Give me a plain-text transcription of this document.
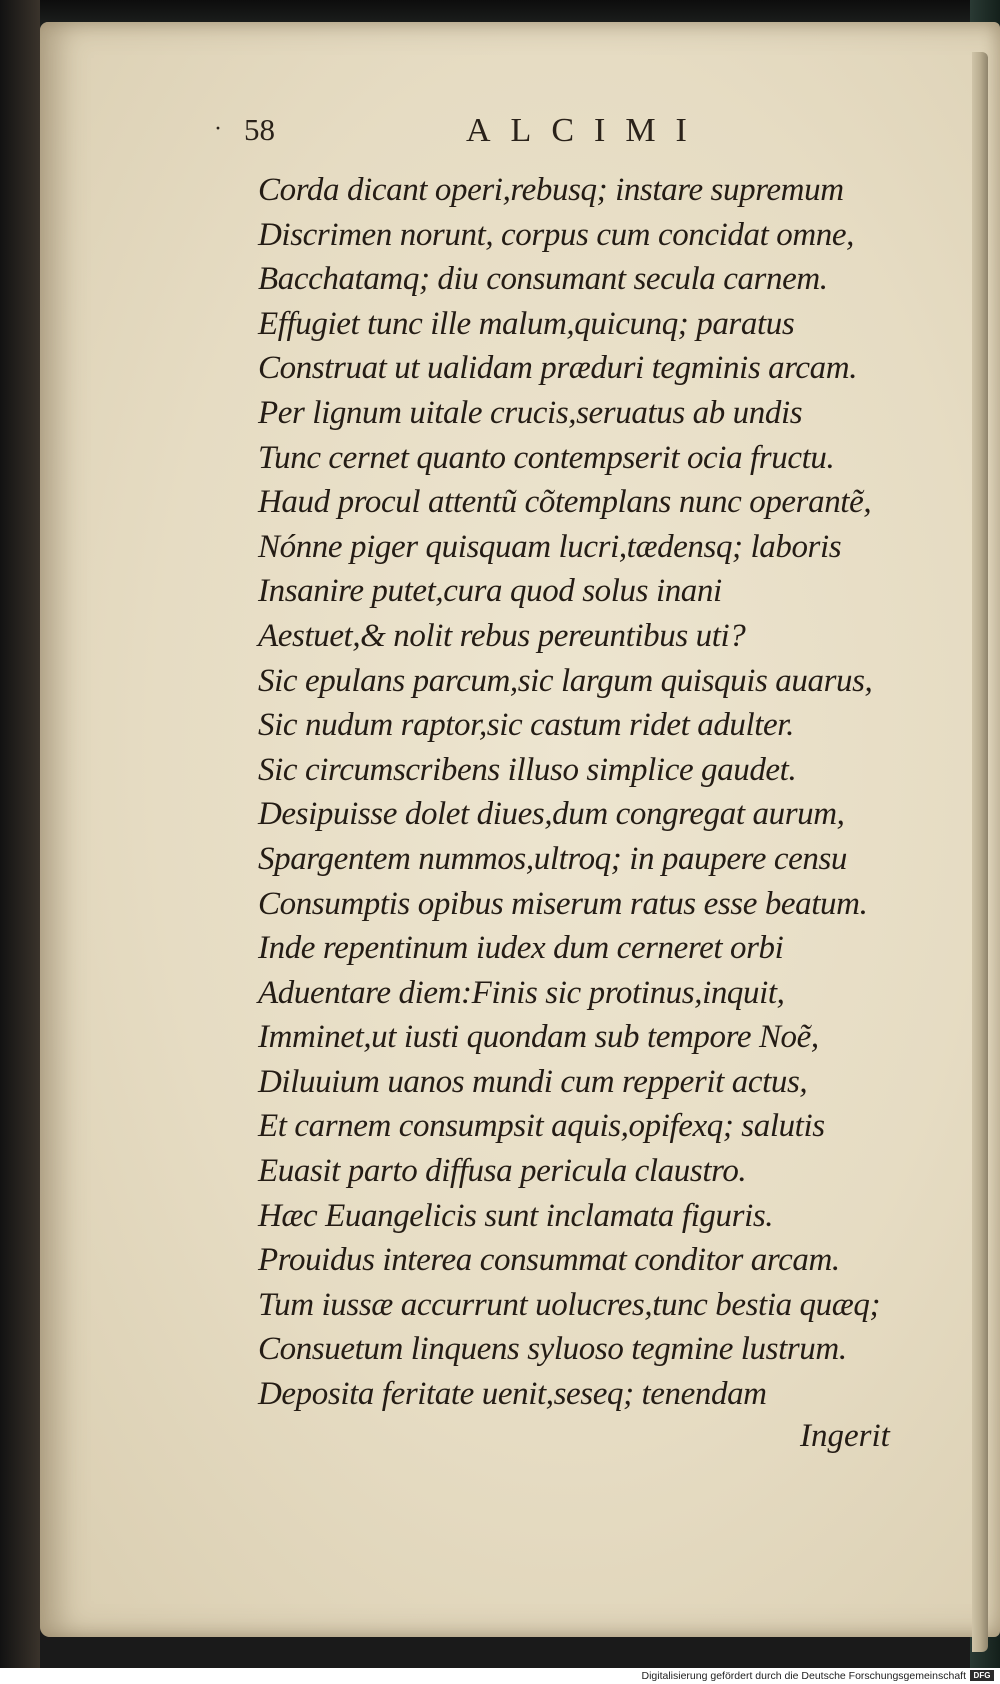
· 58	ALCIMI
Corda dicant operi,rebusq; instare supremum
Discrimen norunt, corpus cum concidat omne,
Bacchatamq; diu consumant secula carnem.
Effugiet tunc ille malum,quicunq; paratus
Construat ut ualidam præduri tegminis arcam.
Per lignum uitale crucis,seruatus ab undis
Tunc cernet quanto contempserit ocia fructu.
Haud procul attentũ cõtemplans nunc operantẽ,
Nónne piger quisquam lucri,tædensq; laboris
Insanire putet,cura quod solus inani
Aestuet,& nolit rebus pereuntibus uti?
Sic epulans parcum,sic largum quisquis auarus,
Sic nudum raptor,sic castum ridet adulter.
Sic circumscribens illuso simplice gaudet.
Desipuisse dolet diues,dum congregat aurum,
Spargentem nummos,ultroq; in paupere censu
Consumptis opibus miserum ratus esse beatum.
Inde repentinum iudex dum cerneret orbi
Aduentare diem:Finis sic protinus,inquit,
Imminet,ut iusti quondam sub tempore Noẽ,
Diluuium uanos mundi cum repperit actus,
Et carnem consumpsit aquis,opifexq; salutis
Euasit parto diffusa pericula claustro.
Hæc Euangelicis sunt inclamata figuris.
Prouidus interea consummat conditor arcam.
Tum iussæ accurrunt uolucres,tunc bestia quæq;
Consuetum linquens syluoso tegmine lustrum.
Deposita feritate uenit,seseq; tenendam
Ingerit
Digitalisierung gefördert durch die Deutsche Forschungsgemeinschaft DFG
